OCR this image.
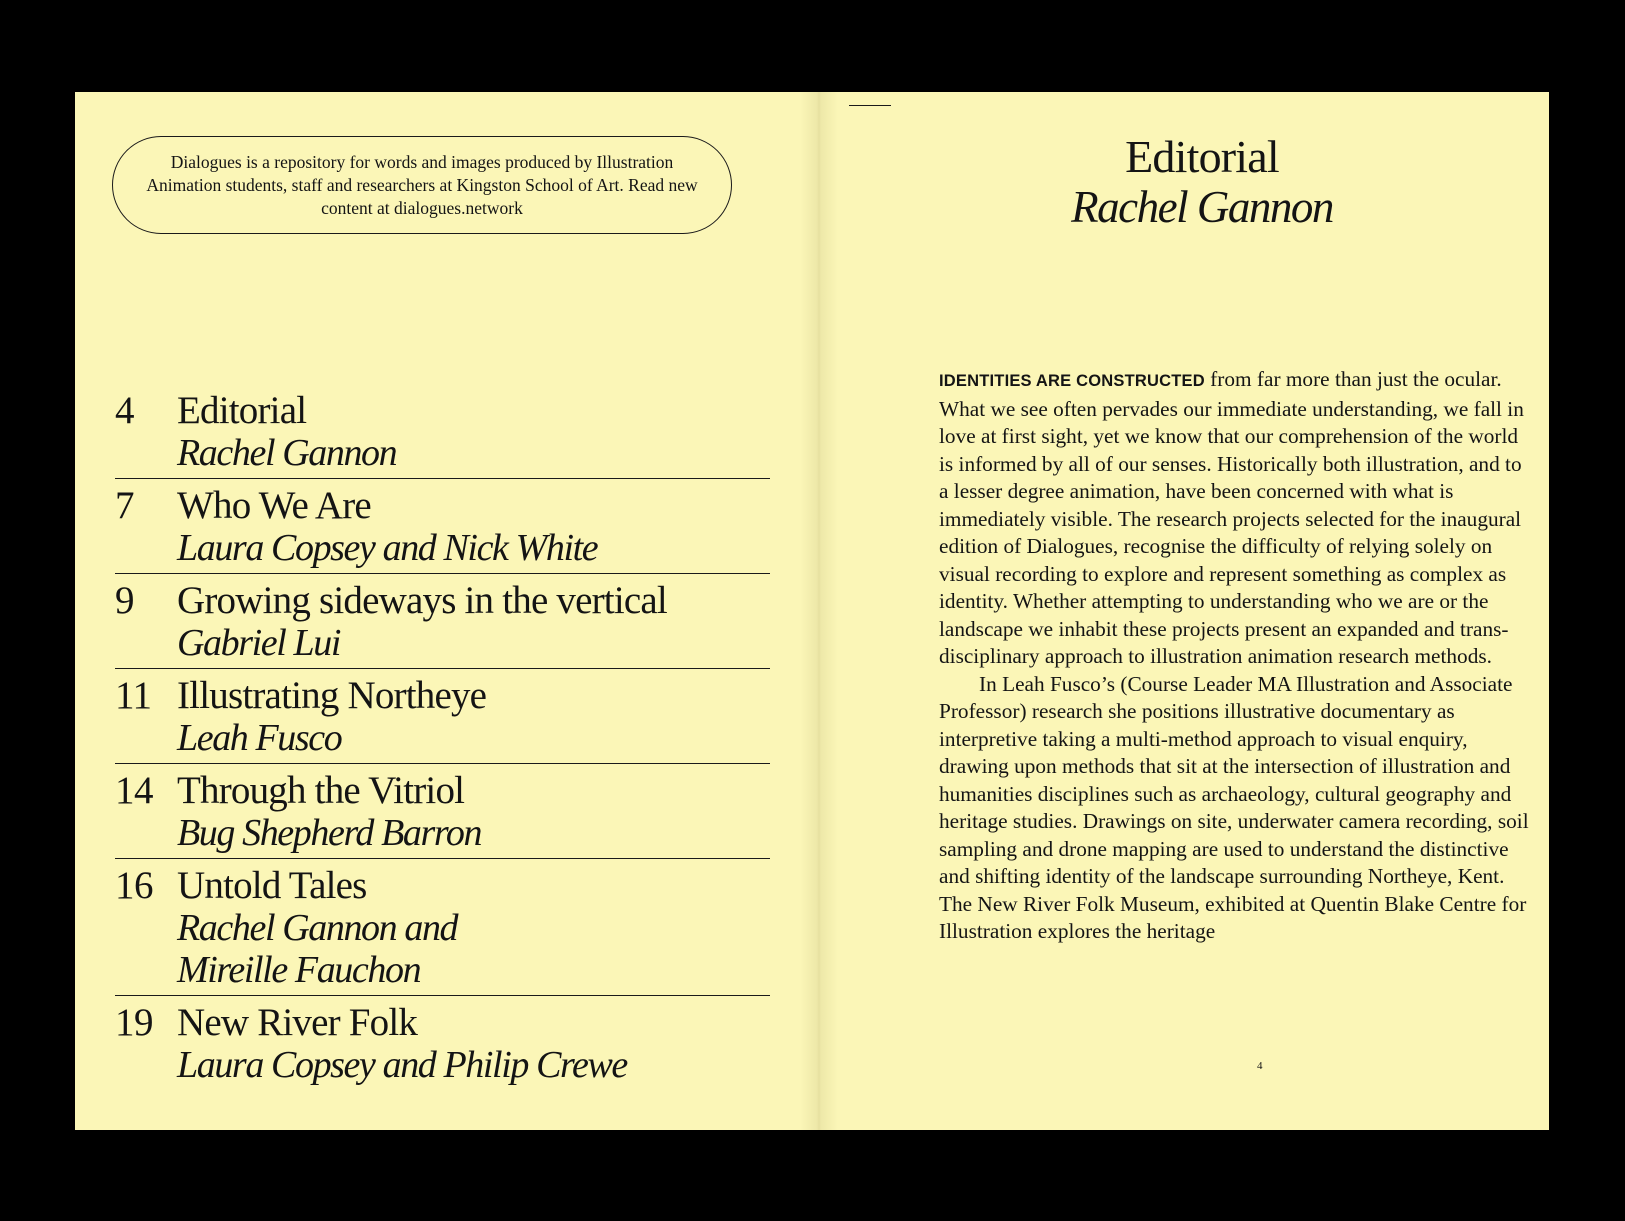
Dialogues is a repository for words and images produced by Illustration Animation students, staff and researchers at Kingston School of Art. Read new content at dialogues.network

4	Editorial
Rachel Gannon
7	Who We Are
Laura Copsey and Nick White
9	Growing sideways in the vertical
Gabriel Lui
11 Illustrating Northeye
Leah Fusco
14 Through the Vitriol
Bug Shepherd Barron
16 Untold Tales
Rachel Gannon and Mireille Fauchon
19 New River Folk
Laura Copsey and Philip Crewe
Editorial
Rachel Gannon

IDENTITIES ARE CONSTRUCTED from far more than just the ocular. What we see often pervades our immediate understanding, we fall in love at first sight, yet we know that our comprehension of the world is informed by all of our senses. Historically both illustration, and to a lesser degree animation, have been concerned with what is immediately visible. The research projects selected for the inaugural edition of Dialogues, recognise the difficulty of relying solely on visual recording to explore and represent something as complex as identity. Whether attempting to understanding who we are or the landscape we inhabit these projects present an expanded and trans-disciplinary approach to illustration animation research methods.

In Leah Fusco’s (Course Leader MA Illustration and Associate Professor) research she positions illustrative documentary as interpretive taking a multi-method approach to visual enquiry, drawing upon methods that sit at the intersection of illustration and humanities disciplines such as archaeology, cultural geography and heritage studies. Drawings on site, underwater camera recording, soil sampling and drone mapping are used to understand the distinctive and shifting identity of the landscape surrounding Northeye, Kent. The New River Folk Museum, exhibited at Quentin Blake Centre for Illustration explores the heritage

4
